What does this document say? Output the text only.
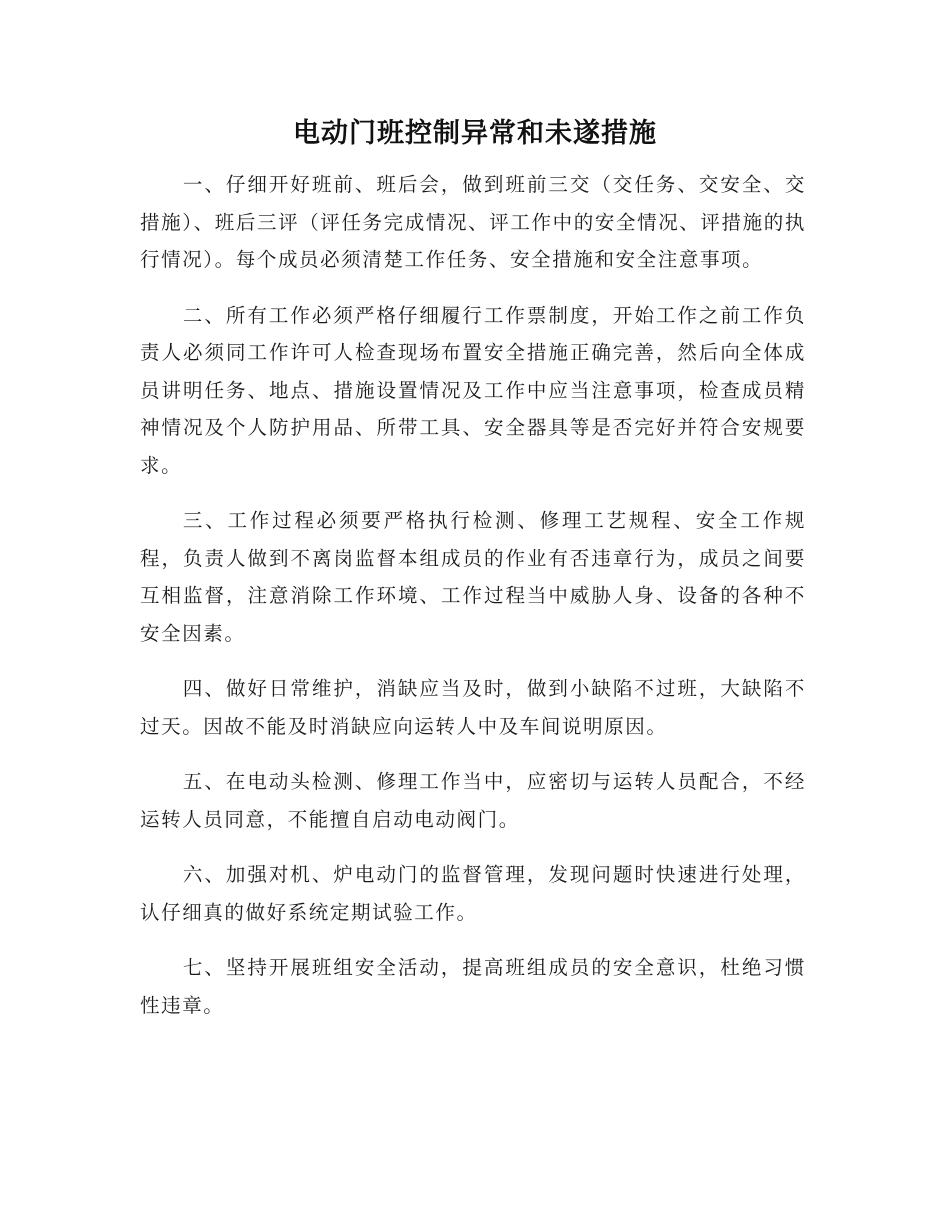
电动门班控制异常和未遂措施

一、仔细开好班前、班后会，做到班前三交（交任务、交安全、交措施）、班后三评（评任务完成情况、评工作中的安全情况、评措施的执行情况）。每个成员必须清楚工作任务、安全措施和安全注意事项。

二、所有工作必须严格仔细履行工作票制度，开始工作之前工作负责人必须同工作许可人检查现场布置安全措施正确完善，然后向全体成员讲明任务、地点、措施设置情况及工作中应当注意事项，检查成员精神情况及个人防护用品、所带工具、安全器具等是否完好并符合安规要求。

三、工作过程必须要严格执行检测、修理工艺规程、安全工作规程，负责人做到不离岗监督本组成员的作业有否违章行为，成员之间要互相监督，注意消除工作环境、工作过程当中威胁人身、设备的各种不安全因素。

四、做好日常维护，消缺应当及时，做到小缺陷不过班，大缺陷不过天。因故不能及时消缺应向运转人中及车间说明原因。

五、在电动头检测、修理工作当中，应密切与运转人员配合，不经运转人员同意，不能擅自启动电动阀门。

六、加强对机、炉电动门的监督管理，发现问题时快速进行处理，认仔细真的做好系统定期试验工作。

七、坚持开展班组安全活动，提高班组成员的安全意识，杜绝习惯性违章。
